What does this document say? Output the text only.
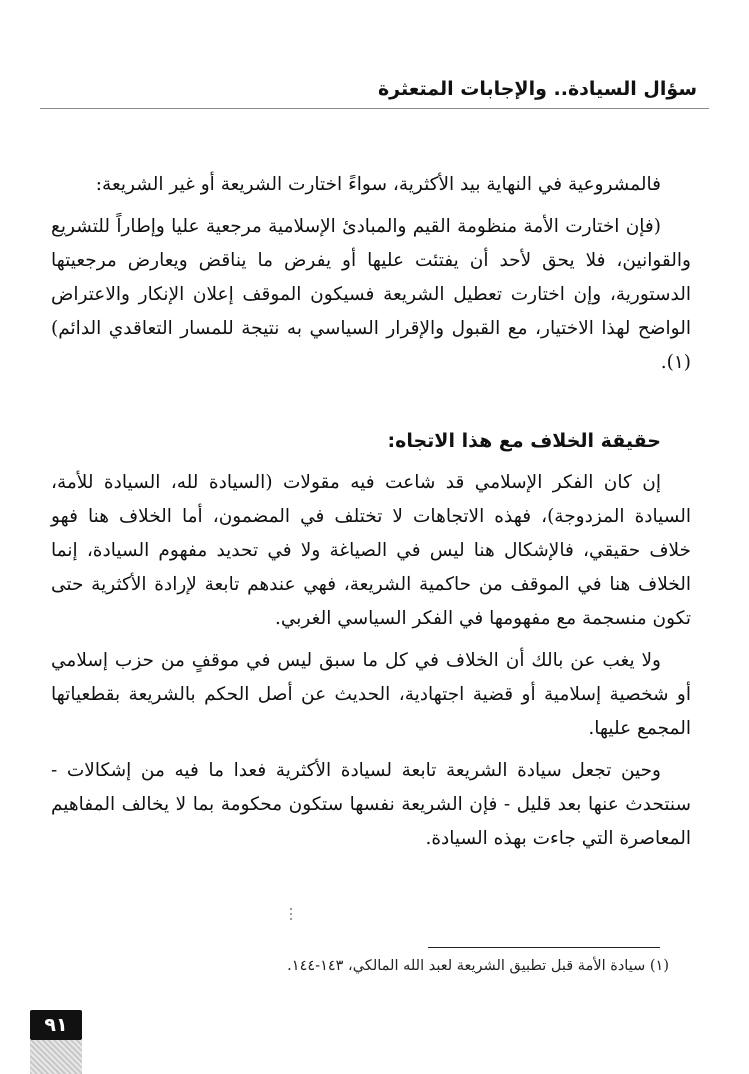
سؤال السيادة.. والإجابات المتعثرة

فالمشروعية في النهاية بيد الأكثرية، سواءً اختارت الشريعة أو غير الشريعة:

(فإن اختارت الأمة منظومة القيم والمبادئ الإسلامية مرجعية عليا وإطاراً للتشريع والقوانين، فلا يحق لأحد أن يفتئت عليها أو يفرض ما يناقض ويعارض مرجعيتها الدستورية، وإن اختارت تعطيل الشريعة فسيكون الموقف إعلان الإنكار والاعتراض الواضح لهذا الاختيار، مع القبول والإقرار السياسي به نتيجة للمسار التعاقدي الدائم)(١).

حقيقة الخلاف مع هذا الاتجاه:

إن كان الفكر الإسلامي قد شاعت فيه مقولات (السيادة لله، السيادة للأمة، السيادة المزدوجة)، فهذه الاتجاهات لا تختلف في المضمون، أما الخلاف هنا فهو خلاف حقيقي، فالإشكال هنا ليس في الصياغة ولا في تحديد مفهوم السيادة، إنما الخلاف هنا في الموقف من حاكمية الشريعة، فهي عندهم تابعة لإرادة الأكثرية حتى تكون منسجمة مع مفهومها في الفكر السياسي الغربي.

ولا يغب عن بالك أن الخلاف في كل ما سبق ليس في موقفٍ من حزب إسلامي أو شخصية إسلامية أو قضية اجتهادية، الحديث عن أصل الحكم بالشريعة بقطعياتها المجمع عليها.

وحين تجعل سيادة الشريعة تابعة لسيادة الأكثرية فعدا ما فيه من إشكالات - سنتحدث عنها بعد قليل - فإن الشريعة نفسها ستكون محكومة بما لا يخالف المفاهيم المعاصرة التي جاءت بهذه السيادة.

(١) سيادة الأمة قبل تطبيق الشريعة لعبد الله المالكي، ١٤٣-١٤٤.
٩١
